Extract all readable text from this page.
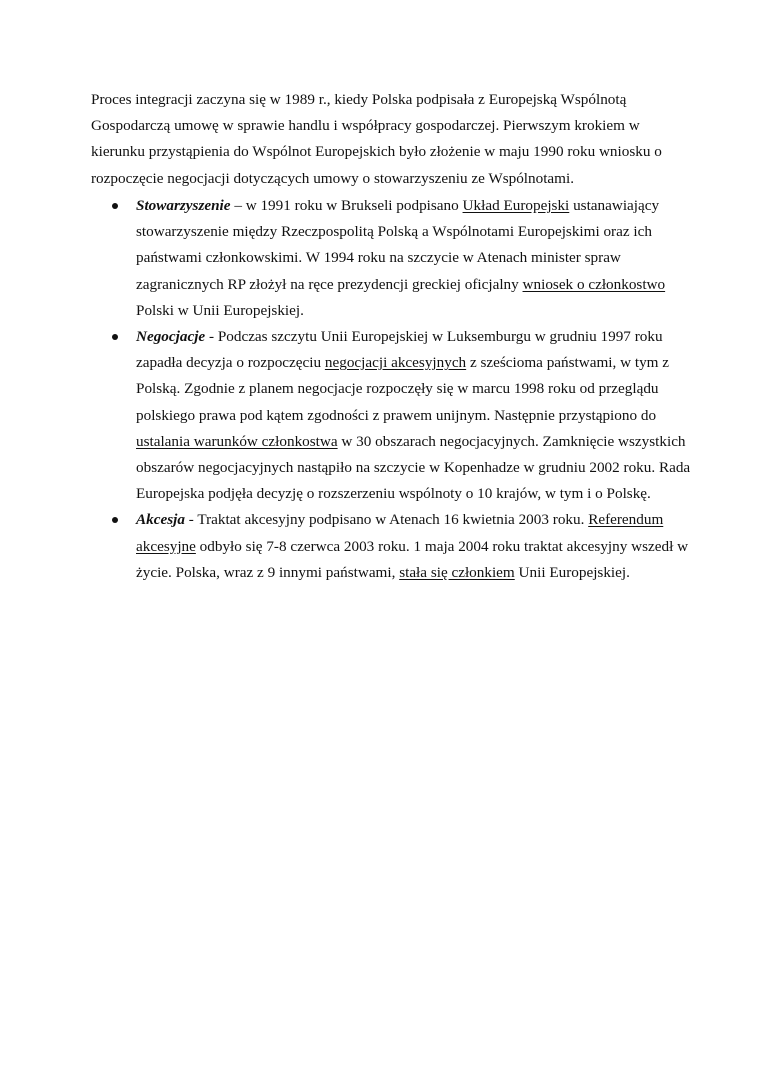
Proces integracji zaczyna się w 1989 r., kiedy Polska podpisała z Europejską Wspólnotą
Gospodarczą umowę w sprawie handlu i współpracy gospodarczej. Pierwszym krokiem w
kierunku przystąpienia do Wspólnot Europejskich było złożenie w maju 1990 roku wniosku o
rozpoczęcie negocjacji dotyczących umowy o stowarzyszeniu ze Wspólnotami.

Stowarzyszenie – w 1991 roku w Brukseli podpisano Układ Europejski ustanawiający stowarzyszenie między Rzeczpospolitą Polską a Wspólnotami Europejskimi oraz ich państwami członkowskimi. W 1994 roku na szczycie w Atenach minister spraw zagranicznych RP złożył na ręce prezydencji greckiej oficjalny wniosek o członkostwo Polski w Unii Europejskiej.
Negocjacje - Podczas szczytu Unii Europejskiej w Luksemburgu w grudniu 1997 roku zapadła decyzja o rozpoczęciu negocjacji akcesyjnych z sześcioma państwami, w tym z Polską. Zgodnie z planem negocjacje rozpoczęły się w marcu 1998 roku od przeglądu polskiego prawa pod kątem zgodności z prawem unijnym. Następnie przystąpiono do ustalania warunków członkostwa w 30 obszarach negocjacyjnych. Zamknięcie wszystkich obszarów negocjacyjnych nastąpiło na szczycie w Kopenhadze w grudniu 2002 roku. Rada Europejska podjęła decyzję o rozszerzeniu wspólnoty o 10 krajów, w tym i o Polskę.
Akcesja - Traktat akcesyjny podpisano w Atenach 16 kwietnia 2003 roku. Referendum akcesyjne odbyło się 7-8 czerwca 2003 roku. 1 maja 2004 roku traktat akcesyjny wszedł w życie. Polska, wraz z 9 innymi państwami, stała się członkiem Unii Europejskiej.
